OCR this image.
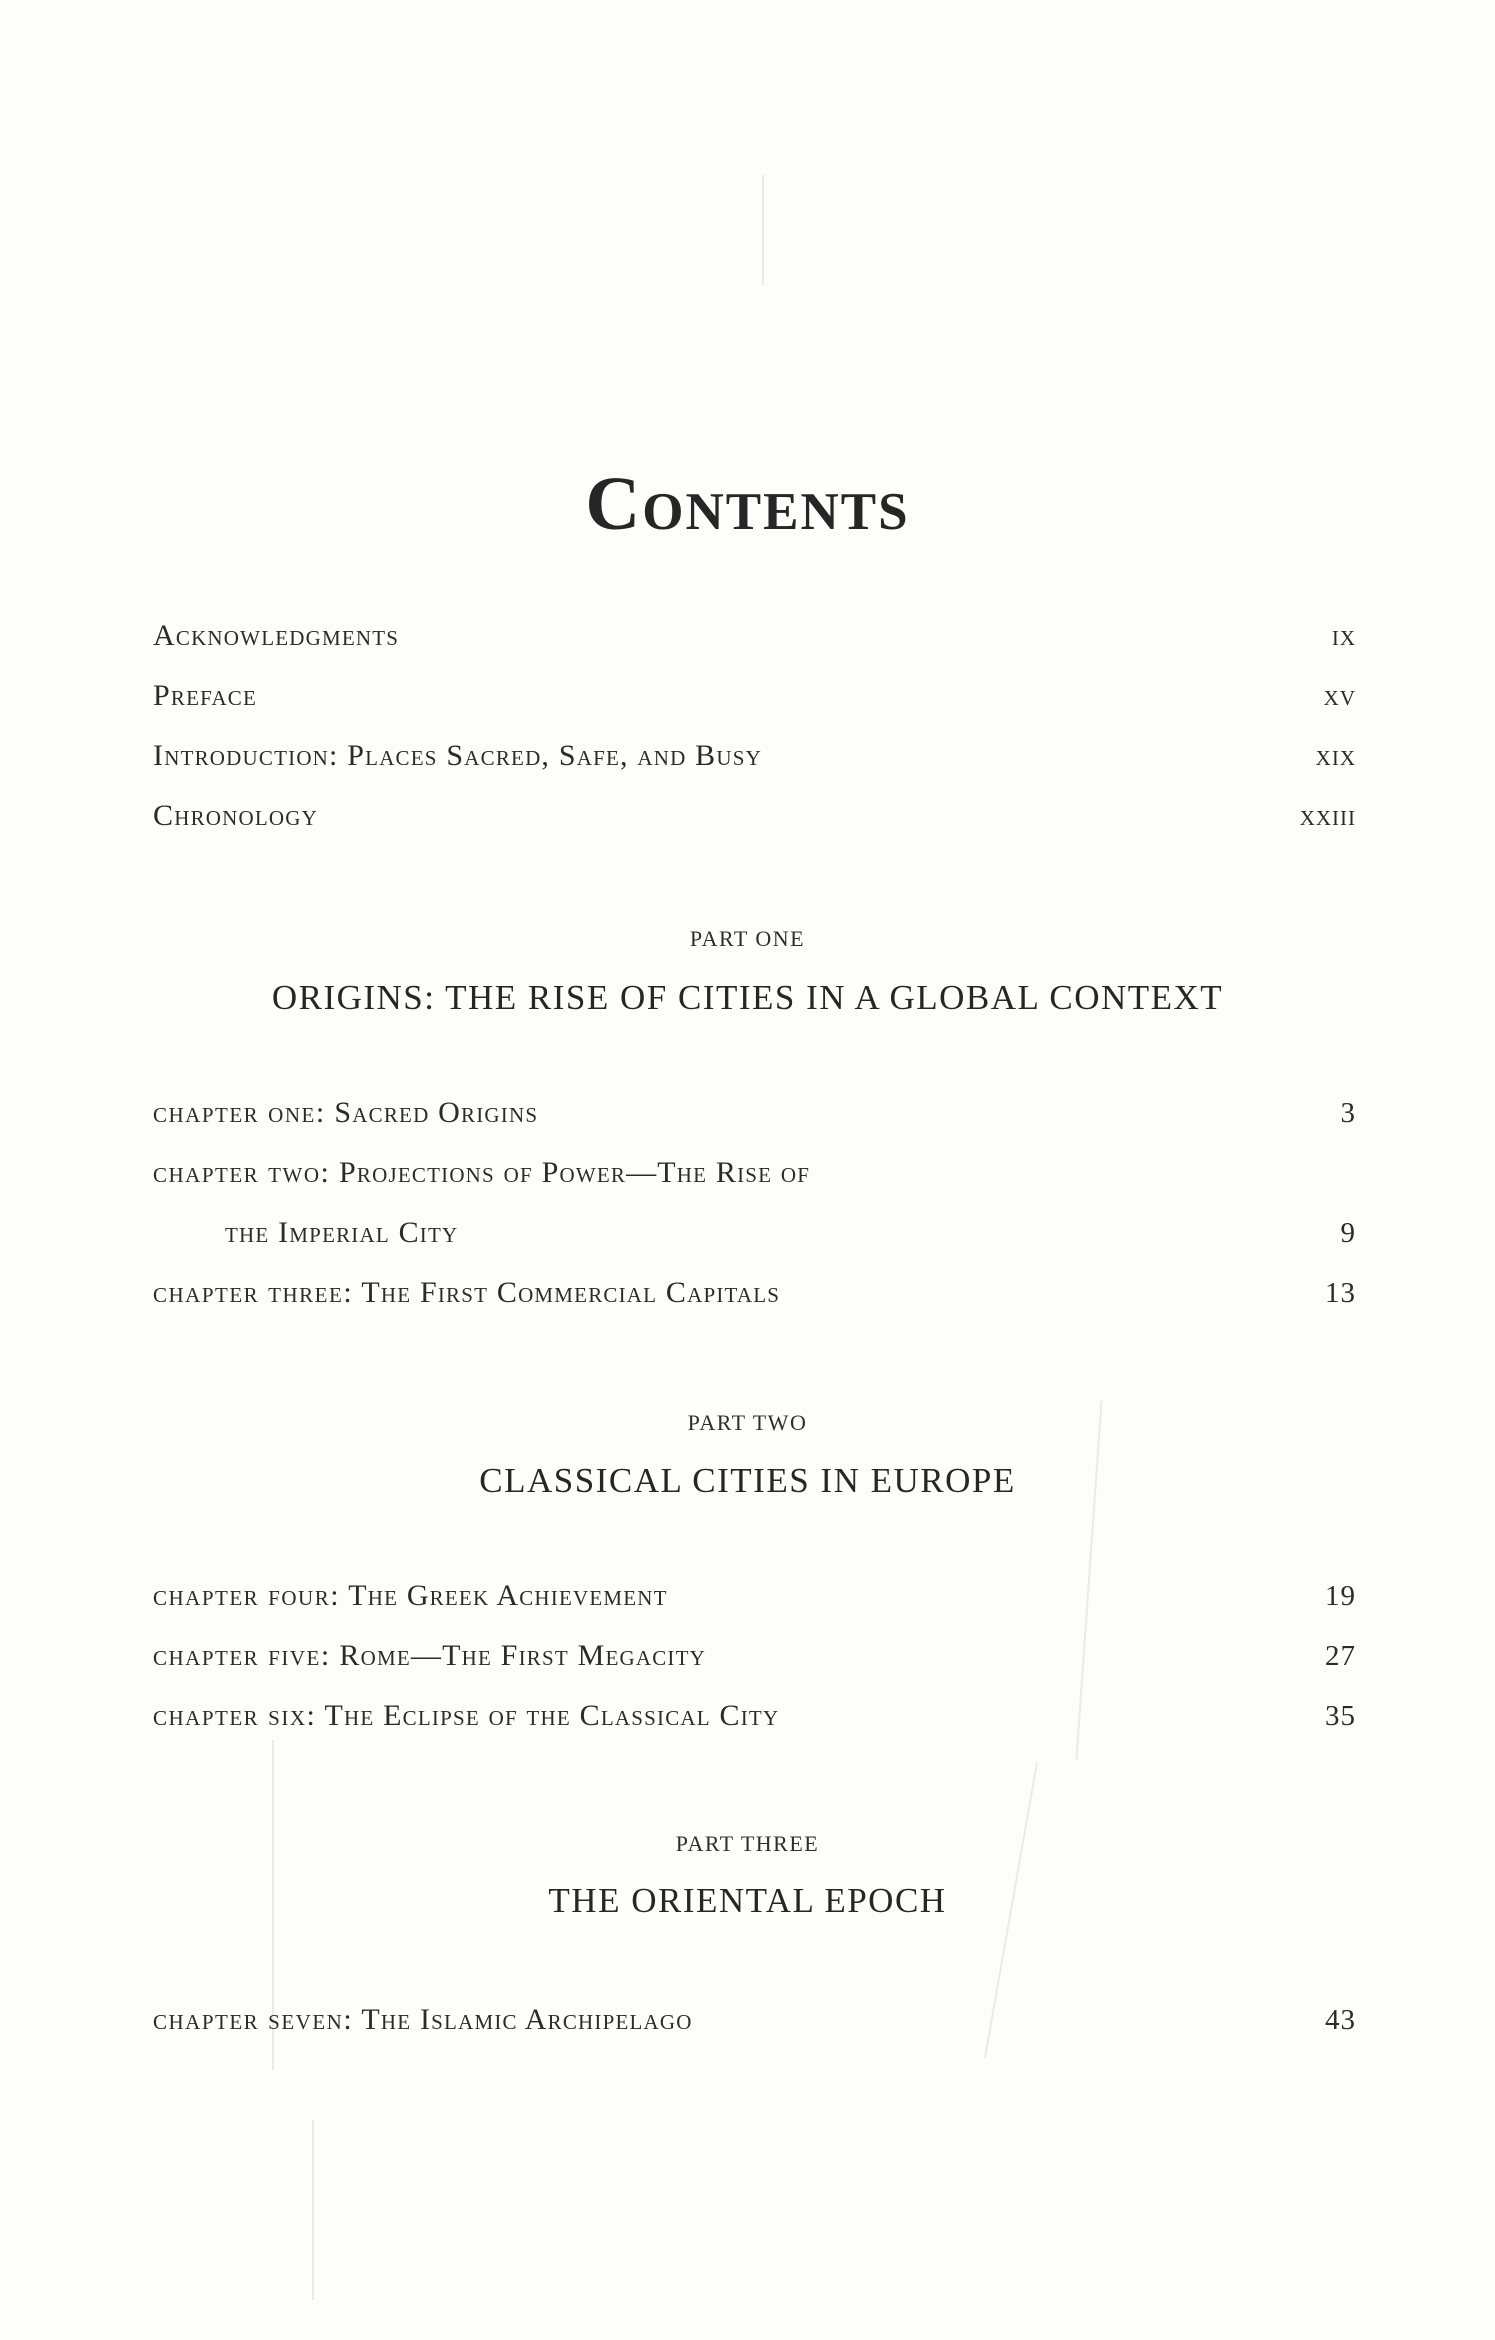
Contents
Acknowledgments	ix
Preface	xv
Introduction: Places Sacred, Safe, and Busy	xix
Chronology	xxiii
PART ONE
ORIGINS: THE RISE OF CITIES IN A GLOBAL CONTEXT
chapter one: Sacred Origins	3
chapter two: Projections of Power—The Rise of
the Imperial City	9
chapter three: The First Commercial Capitals	13
PART TWO
CLASSICAL CITIES IN EUROPE
chapter four: The Greek Achievement	19
chapter five: Rome—The First Megacity	27
chapter six: The Eclipse of the Classical City	35
PART THREE
THE ORIENTAL EPOCH
chapter seven: The Islamic Archipelago	43
